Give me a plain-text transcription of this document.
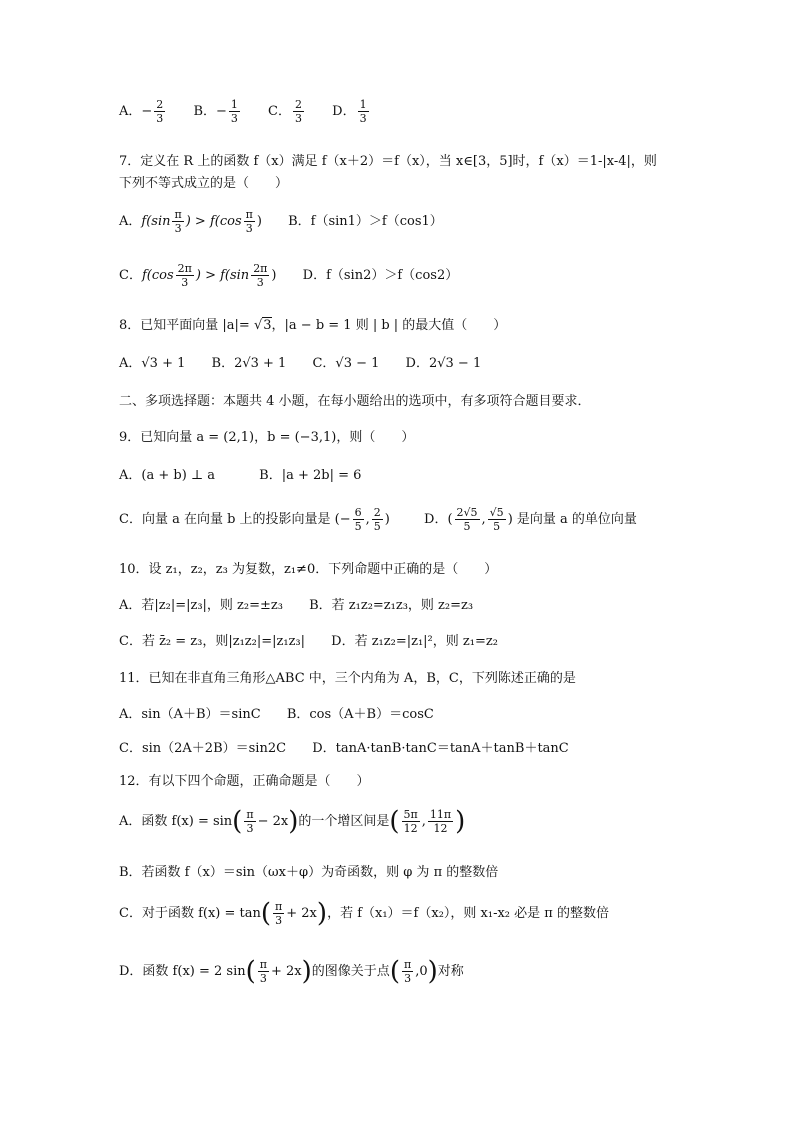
A．− $\frac{2}{3}$ B．− $\frac{1}{3}$ C． $\frac{2}{3}$ D． $\frac{1}{3}$
7．定义在 R 上的函数 f（x）满足 f（x＋2）＝f（x），当 x∈[3，5]时，f（x）＝1-|x-4|，则
下列不等式成立的是（　　）
A．$f(\sin \frac{\pi}{3}$ ) > $f(\cos \frac{\pi}{3}$ ) B．f（sin1）＞f（cos1）
C．$f(\cos \frac{2\pi}{3}$ ) > $f(\sin \frac{2\pi}{3}$ ) D．f（sin2）＞f（cos2）
8．已知平面向量 |a|= √3，|a − b = 1 则 | b | 的最大值（　　）
A．√3 + 1 B．2√3 + 1 C．√3 − 1 D．2√3 − 1
二、多项选择题：本题共 4 小题，在每小题给出的选项中，有多项符合题目要求．
9．已知向量 a = (2,1)，b = (−3,1)，则（　　）
A．(a + b) ⊥ a	B．|a + 2b| = 6
C．向量 a 在向量 b 上的投影向量是 (− $\frac{6}{5}$ , $\frac{2}{5}$ )	D．( $\frac{2√5}{5}$ , $\frac{√5}{5}$ ) 是向量 a 的单位向量
10．设 z₁，z₂，z₃ 为复数，z₁≠0．下列命题中正确的是（　　）
A．若|z₂|=|z₃|，则 z₂=±z₃ B．若 z₁z₂=z₁z₃，则 z₂=z₃
C．若 z̄₂ = z₃，则|z₁z₂|=|z₁z₃| D．若 z₁z₂=|z₁|²，则 z₁=z₂
11．已知在非直角三角形△ABC 中，三个内角为 A，B，C，下列陈述正确的是
A．sin（A＋B）＝sinC B．cos（A＋B）＝cosC
C．sin（2A＋2B）＝sin2C D．tanA·tanB·tanC＝tanA＋tanB＋tanC
12．有以下四个命题，正确命题是（　　）
A．函数 $f(x) = \sin( \frac{\pi}{3} - 2x)$的一个增区间是( $\frac{5\pi}{12}$ , $\frac{11\pi}{12}$ )
B．若函数 f（x）＝sin（ωx＋φ）为奇函数，则 φ 为 π 的整数倍
C．对于函数 $f(x) = \tan( \frac{\pi}{3} + 2x)$，若 f（x₁）＝f（x₂），则 x₁-x₂ 必是 π 的整数倍
D．函数 f(x) = 2 $\sin( \frac{\pi}{3} + 2x)$的图像关于点( $\frac{\pi}{3} ,0$)对称
